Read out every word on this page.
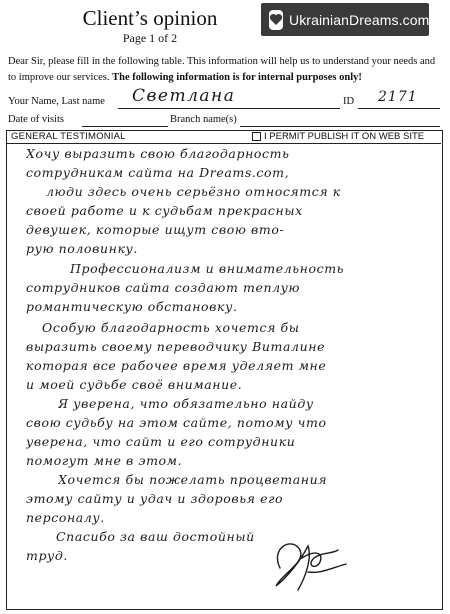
Client’s opinion
Page 1 of 2
UkrainianDreams.com
Dear Sir, please fill in the following table. This information will help us to understand your needs and to improve our services. The following information is for internal purposes only!
Your Name, Last name Светлана	ID 2171
Date of visits	Branch name(s)
GENERAL TESTIMONIAL	I PERMIT PUBLISH IT ON WEB SITE
Хочу выразить свою благодарность
сотрудникам сайта на Dreams.com,
люди здесь очень серьёзно относятся к
своей работе и к судьбам прекрасных
девушек, которые ищут свою вто-
рую половинку.
Профессионализм и внимательность
сотрудников сайта создают теплую
романтическую обстановку.
Особую благодарность хочется бы
выразить своему переводчику Виталине
которая все рабочее время уделяет мне
и моей судьбе своё внимание.
Я уверена, что обязательно найду
свою судьбу на этом сайте, потому что
уверена, что сайт и его сотрудники
помогут мне в этом.
Хочется бы пожелать процветания
этому сайту и удач и здоровья его
персоналу.
Спасибо за ваш достойный
труд.
